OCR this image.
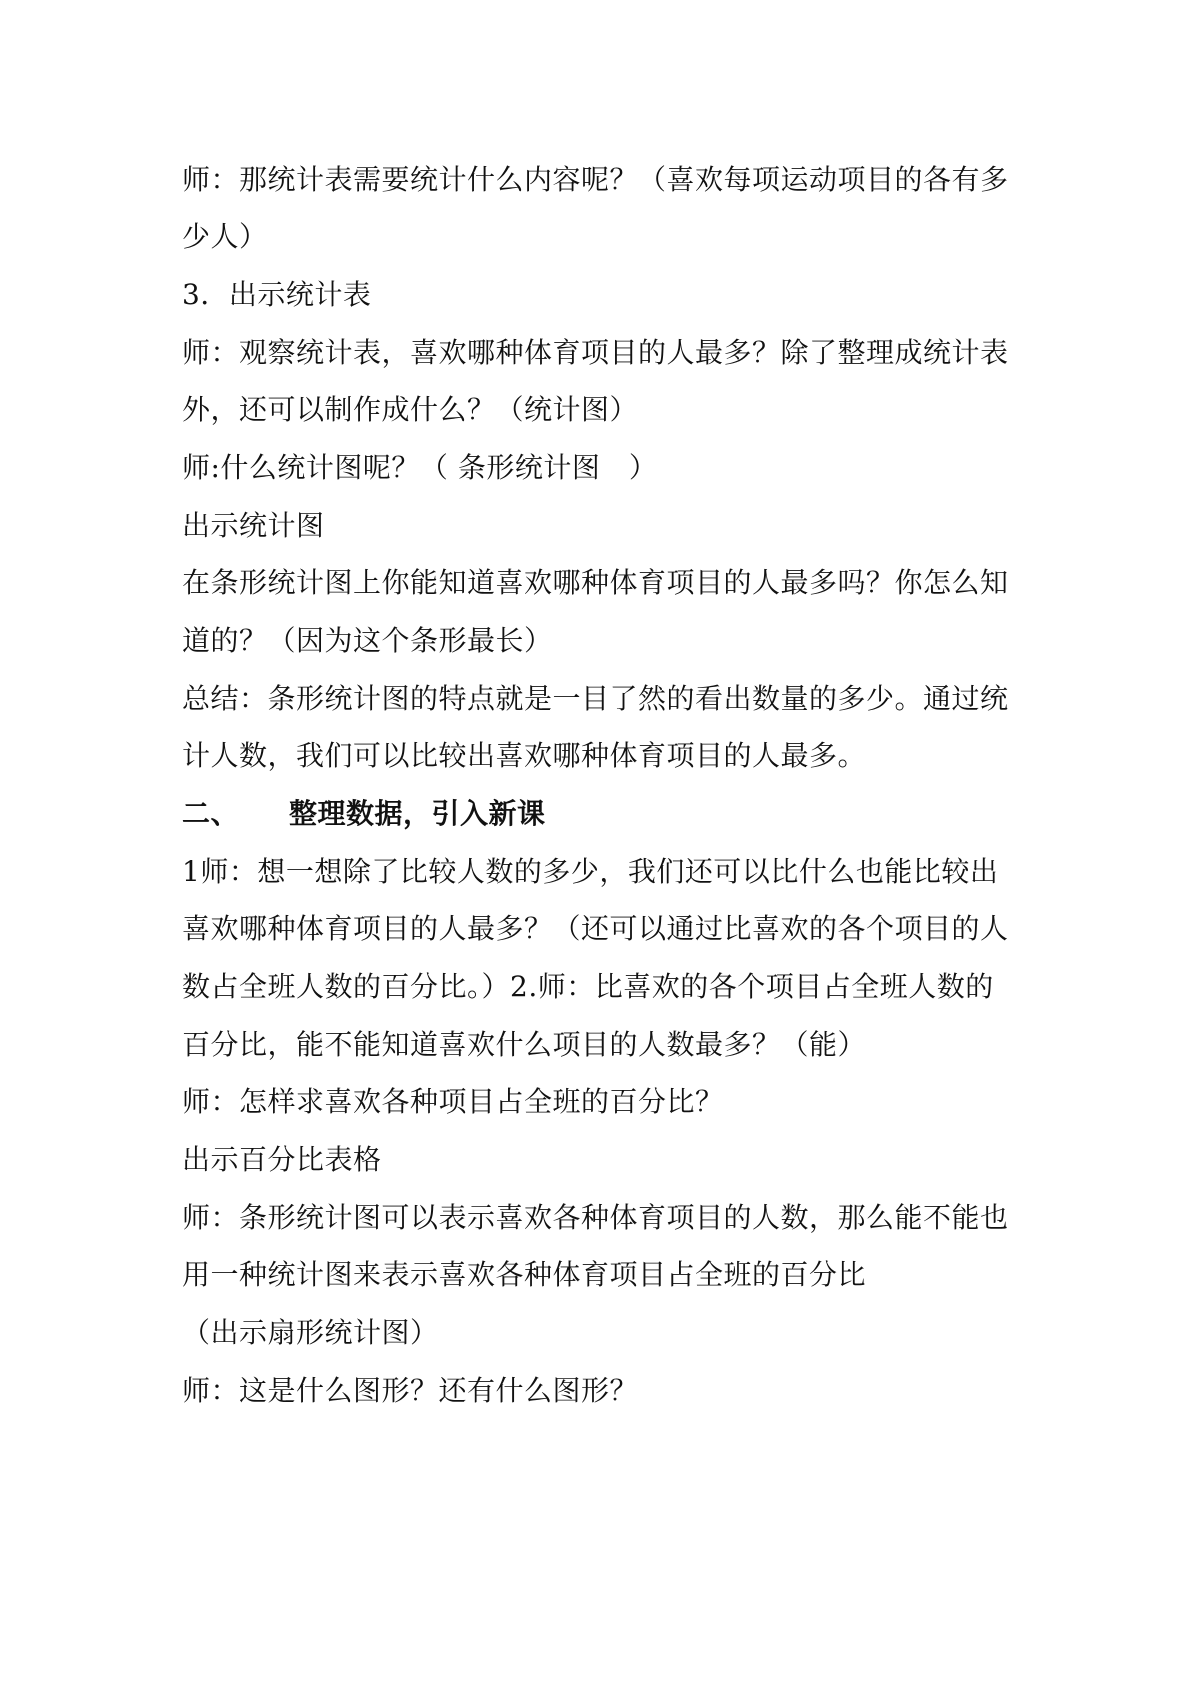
师：那统计表需要统计什么内容呢？（喜欢每项运动项目的各有多
少人）
3．出示统计表
师：观察统计表，喜欢哪种体育项目的人最多？除了整理成统计表
外，还可以制作成什么？（统计图）
师:什么统计图呢？（ 条形统计图　）
出示统计图
在条形统计图上你能知道喜欢哪种体育项目的人最多吗？你怎么知
道的？（因为这个条形最长）
总结：条形统计图的特点就是一目了然的看出数量的多少。通过统
计人数，我们可以比较出喜欢哪种体育项目的人最多。
二、 整理数据，引入新课
1师：想一想除了比较人数的多少，我们还可以比什么也能比较出
喜欢哪种体育项目的人最多？（还可以通过比喜欢的各个项目的人
数占全班人数的百分比。）2.师：比喜欢的各个项目占全班人数的
百分比，能不能知道喜欢什么项目的人数最多？（能）
师：怎样求喜欢各种项目占全班的百分比？
出示百分比表格
师：条形统计图可以表示喜欢各种体育项目的人数，那么能不能也
用一种统计图来表示喜欢各种体育项目占全班的百分比
（出示扇形统计图）
师：这是什么图形？还有什么图形？
